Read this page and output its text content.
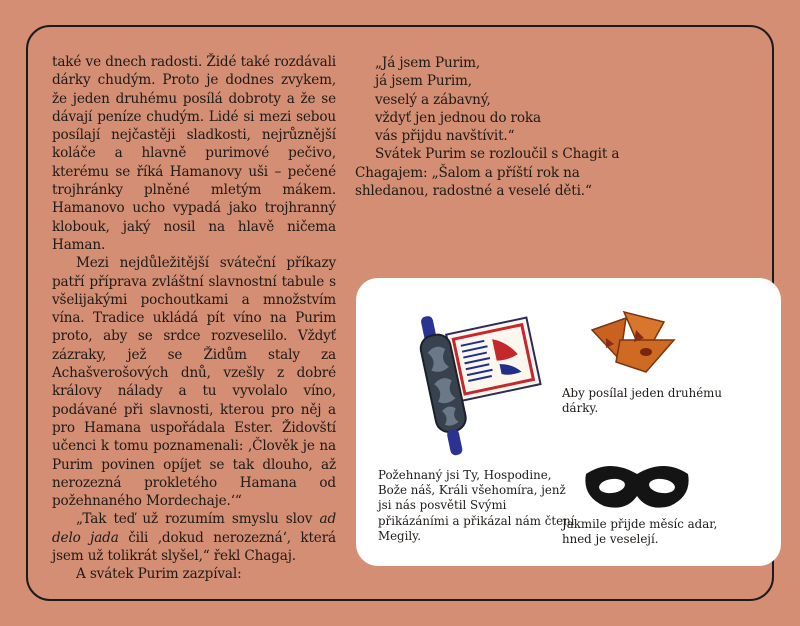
také ve dnech radosti. Židé také rozdávali dárky chudým. Proto je dodnes zvykem, že jeden druhému posílá dobroty a že se dávají peníze chudým. Lidé si mezi sebou posílají nejčastěji sladkosti, nejrůznější koláče a hlavně purimové pečivo, kterému se říká Hamanovy uši – pečené trojhránky plněné mletým mákem. Hamanovo ucho vypadá jako trojhranný klobouk, jaký nosil na hlavě ničema Haman.

Mezi nejdůležitější sváteční příkazy patří příprava zvláštní slavnostní tabule s všelijakými pochoutkami a množstvím vína. Tradice ukládá pít víno na Purim proto, aby se srdce rozveselilo. Vždyť zázraky, jež se Židům staly za Achašverošových dnů, vzešly z dobré královy nálady a tu vyvolalo víno, podávané při slavnosti, kterou pro něj a pro Hamana uspořádala Ester. Židovští učenci k tomu poznamenali: ‚Člověk je na Purim povinen opíjet se tak dlouho, až nerozezná prokletého Hamana od požehnaného Mordechaje.‘“

„Tak teď už rozumím smyslu slov ad delo jada čili ‚dokud nerozezná‘, která jsem už tolikrát slyšel,“ řekl Chagaj.

A svátek Purim zazpíval:

„Já jsem Purim,
já jsem Purim,
veselý a zábavný,
vždyť jen jednou do roka
vás přijdu navštívit.“

Svátek Purim se rozloučil s Chagit a Chagajem: „Šalom a příští rok na shledanou, radostné a veselé děti.“

Aby posílal jeden druhému dárky.
Požehnaný jsi Ty, Hospodine, Bože náš, Králi všehomíra, jenž jsi nás posvětil Svými přikázáními a přikázal nám čtení Megily.
Jakmile přijde měsíc adar, hned je veselejí.
